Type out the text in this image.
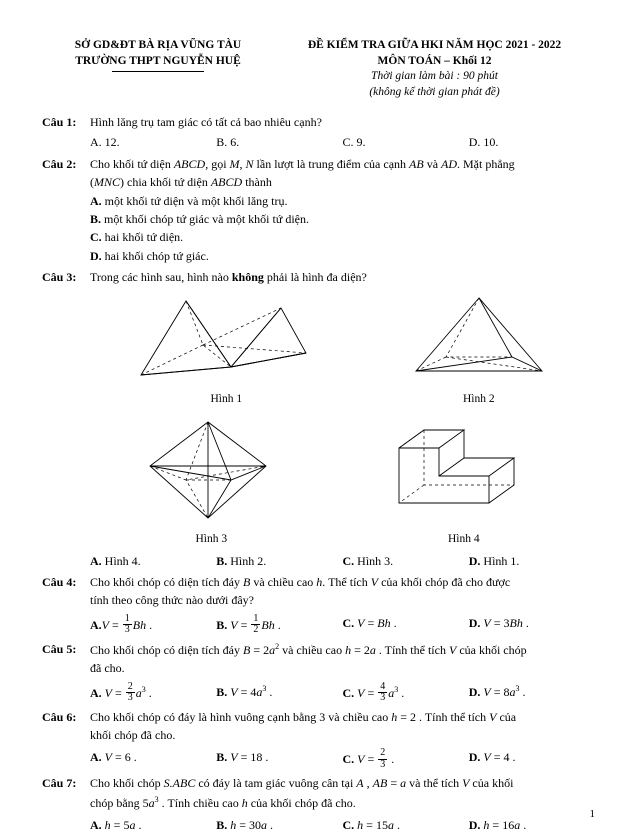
SỞ GD&ĐT BÀ RỊA VŨNG TÀU
TRƯỜNG THPT NGUYỄN HUỆ
ĐỀ KIỂM TRA GIỮA HKI NĂM HỌC 2021 - 2022
MÔN TOÁN – Khối 12
Thời gian làm bài : 90 phút
(không kể thời gian phát đề)
Câu 1:	Hình lăng trụ tam giác có tất cả bao nhiêu cạnh?
A. 12.	B. 6.	C. 9.	D. 10.
Câu 2:	Cho khối tứ diện ABCD, gọi M, N lần lượt là trung điểm của cạnh AB và AD. Mặt phẳng
(MNC) chia khối tứ diện ABCD thành
A. một khối tứ diện và một khối lăng trụ.
B. một khối chóp tứ giác và một khối tứ diện.
C. hai khối tứ diện.
D. hai khối chóp tứ giác.
Câu 3:	Trong các hình sau, hình nào không phải là hình đa diện?
Hình 1	Hình 2
Hình 3	Hình 4
A. Hình 4.	B. Hình 2.	C. Hình 3.	D. Hình 1.
Câu 4:	Cho khối chóp có diện tích đáy B và chiều cao h. Thể tích V của khối chóp đã cho được
tính theo công thức nào dưới đây?
$A.V = \frac{1}{3}$ Bh .	B. $V = \frac{1}{2}$ Bh .	C. V = Bh .	D. V = 3Bh .
Câu 5:	Cho khối chóp có diện tích đáy $B = 2a^2$ và chiều cao h = 2a . Tính thể tích V của khối chóp
đã cho.
A. $V = \frac{2}{3} a^3$ .	B. $V = 4a^3$ .	C. $V = \frac{4}{3} a^3$ .	D. $V = 8a^3$ .
Câu 6:	Cho khối chóp có đáy là hình vuông cạnh bằng 3 và chiều cao h = 2 . Tính thể tích V của
khối chóp đã cho.
A. V = 6 .	B. V = 18 .	C. $V = \frac{2}{3}$ .	D. V = 4 .
Câu 7:	Cho khối chóp S.ABC có đáy là tam giác vuông cân tại A , AB = a và thể tích V của khối
chóp bằng $5a^3$ . Tính chiều cao h của khối chóp đã cho.
A. h = 5a .	B. h = 30a .	C. h = 15a .	D. h = 16a .
1
